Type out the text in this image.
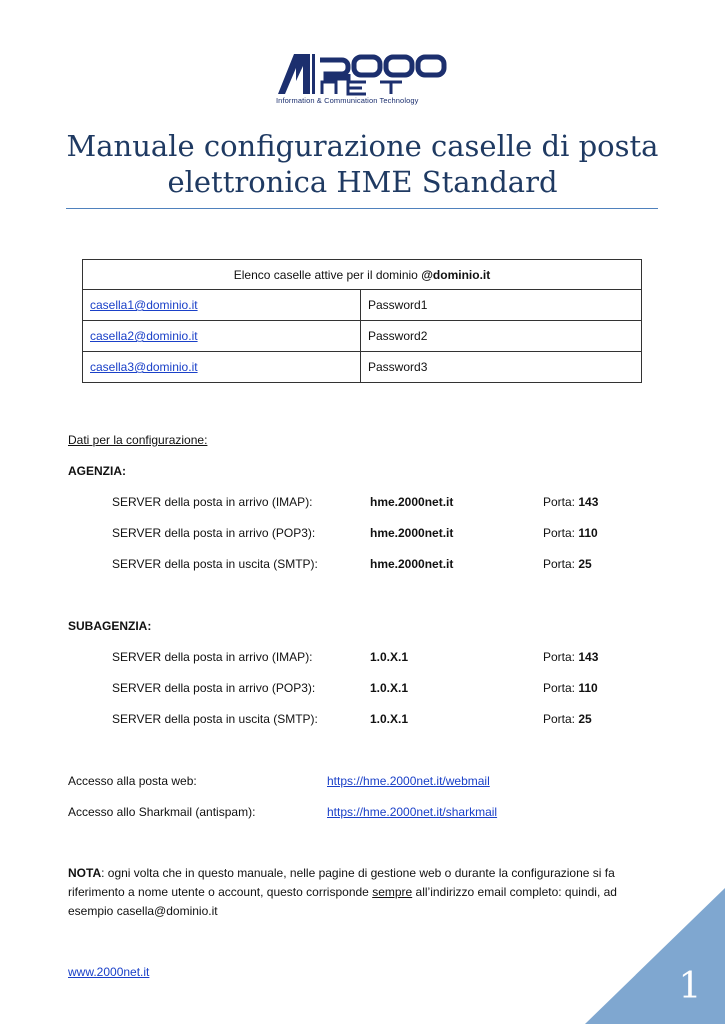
Information & Communication Technology
Manuale configurazione caselle di posta
elettronica HME Standard
Elenco caselle attive per il dominio @dominio.it	
casella1@dominio.it	Password1
casella2@dominio.it	Password2
casella3@dominio.it	Password3
Dati per la configurazione:
AGENZIA:
SERVER della posta in arrivo (IMAP):	hme.2000net.it	Porta: 143
SERVER della posta in arrivo (POP3):	hme.2000net.it	Porta: 110
SERVER della posta in uscita (SMTP):	hme.2000net.it	Porta: 25
SUBAGENZIA:
SERVER della posta in arrivo (IMAP):	1.0.X.1	Porta: 143
SERVER della posta in arrivo (POP3):	1.0.X.1	Porta: 110
SERVER della posta in uscita (SMTP):	1.0.X.1	Porta: 25
Accesso alla posta web:	https://hme.2000net.it/webmail
Accesso allo Sharkmail (antispam):	https://hme.2000net.it/sharkmail
NOTA: ogni volta che in questo manuale, nelle pagine di gestione web o durante la configurazione si fa riferimento a nome utente o account, questo corrisponde sempre all’indirizzo email completo: quindi, ad esempio casella@dominio.it
www.2000net.it	1
